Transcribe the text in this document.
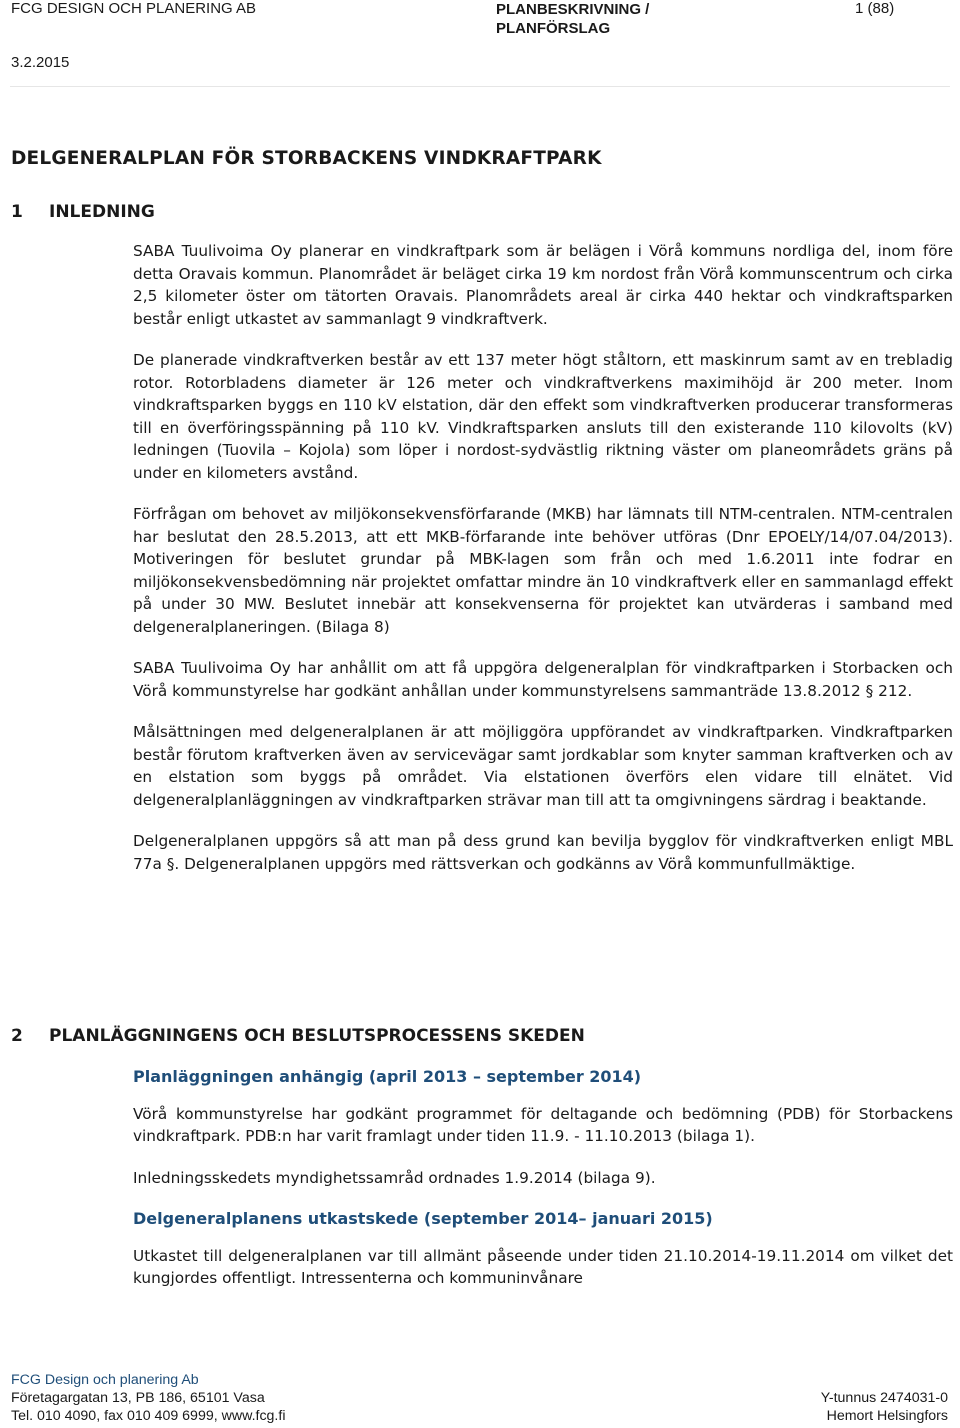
FCG DESIGN OCH PLANERING AB	PLANBESKRIVNING /
PLANFÖRSLAG
1 (88)
3.2.2015
DELGENERALPLAN FÖR STORBACKENS VINDKRAFTPARK
1 INLEDNING

SABA Tuulivoima Oy planerar en vindkraftpark som är belägen i Vörå kommuns nordliga del, inom före detta Oravais kommun. Planområdet är beläget cirka 19 km nordost från Vörå kommunscentrum och cirka 2,5 kilometer öster om tätorten Oravais. Planområdets areal är cirka 440 hektar och vindkraftsparken består enligt utkastet av sammanlagt 9 vindkraftverk.

De planerade vindkraftverken består av ett 137 meter högt ståltorn, ett maskinrum samt av en trebladig rotor. Rotorbladens diameter är 126 meter och vindkraftverkens maximihöjd är 200 meter. Inom vindkraftsparken byggs en 110 kV elstation, där den effekt som vindkraftverken producerar transformeras till en överföringsspänning på 110 kV. Vindkraftsparken ansluts till den existerande 110 kilovolts (kV) ledningen (Tuovila – Kojola) som löper i nordost-sydvästlig riktning väster om planeområdets gräns på under en kilometers avstånd.

Förfrågan om behovet av miljökonsekvensförfarande (MKB) har lämnats till NTM-centralen. NTM-centralen har beslutat den 28.5.2013, att ett MKB-förfarande inte behöver utföras (Dnr EPOELY/14/07.04/2013). Motiveringen för beslutet grundar på MBK-lagen som från och med 1.6.2011 inte fodrar en miljökonsekvensbedömning när projektet omfattar mindre än 10 vindkraftverk eller en sammanlagd effekt på under 30 MW. Beslutet innebär att konsekvenserna för projektet kan utvärderas i samband med delgeneralplaneringen. (Bilaga 8)

SABA Tuulivoima Oy har anhållit om att få uppgöra delgeneralplan för vindkraftparken i Storbacken och Vörå kommunstyrelse har godkänt anhållan under kommunstyrelsens sammanträde 13.8.2012 § 212.

Målsättningen med delgeneralplanen är att möjliggöra uppförandet av vindkraftparken. Vindkraftparken består förutom kraftverken även av servicevägar samt jordkablar som knyter samman kraftverken och av en elstation som byggs på området. Via elstationen överförs elen vidare till elnätet. Vid delgeneralplanläggningen av vindkraftparken strävar man till att ta omgivningens särdrag i beaktande.

Delgeneralplanen uppgörs så att man på dess grund kan bevilja bygglov för vindkraftverken enligt MBL 77a §. Delgeneralplanen uppgörs med rättsverkan och godkänns av Vörå kommunfullmäktige.

2 PLANLÄGGNINGENS OCH BESLUTSPROCESSENS SKEDEN

Planläggningen anhängig (april 2013 – september 2014)

Vörå kommunstyrelse har godkänt programmet för deltagande och bedömning (PDB) för Storbackens vindkraftpark. PDB:n har varit framlagt under tiden 11.9. - 11.10.2013 (bilaga 1).

Inledningsskedets myndighetssamråd ordnades 1.9.2014 (bilaga 9).

Delgeneralplanens utkastskede (september 2014– januari 2015)

Utkastet till delgeneralplanen var till allmänt påseende under tiden 21.10.2014-19.11.2014 om vilket det kungjordes offentligt. Intressenterna och kommuninvånare

FCG Design och planering Ab
Företagargatan 13, PB 186, 65101 Vasa
Tel. 010 4090, fax 010 409 6999, www.fcg.fi
Y-tunnus 2474031-0
Hemort Helsingfors
